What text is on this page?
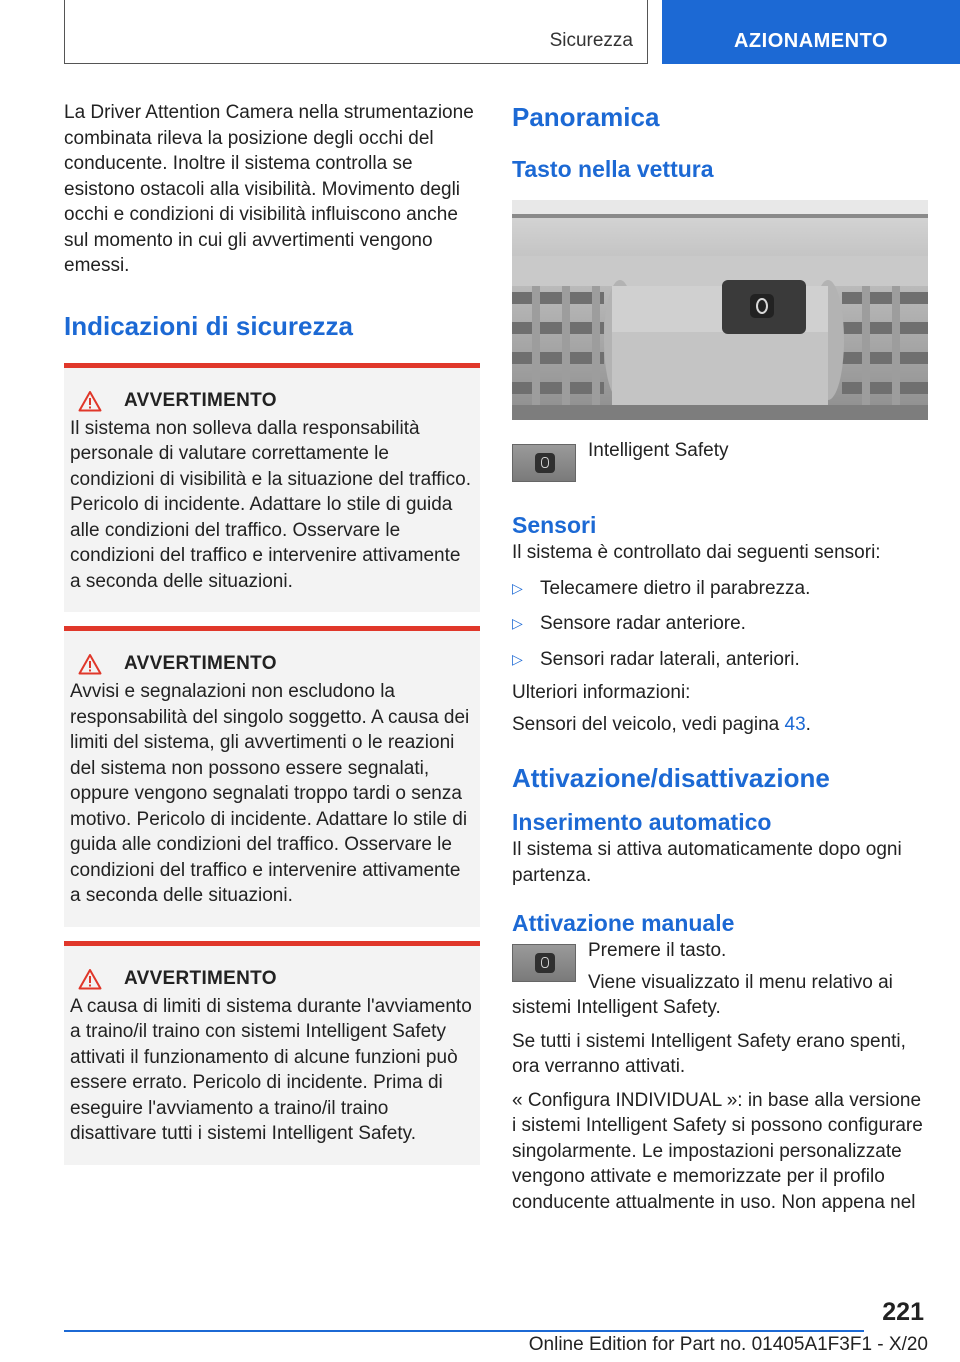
Sicurezza	AZIONAMENTO

La Driver Attention Camera nella strumentazione combinata rileva la posizione degli occhi del conducente. Inoltre il sistema controlla se esistono ostacoli alla visibilità. Movimento degli occhi e condizioni di visibilità influiscono anche sul momento in cui gli avvertimenti vengono emessi.

Indicazioni di sicurezza
AVVERTIMENTO

Il sistema non solleva dalla responsabilità personale di valutare correttamente le condizioni di visibilità e la situazione del traffico. Pericolo di incidente. Adattare lo stile di guida alle condizioni del traffico. Osservare le condizioni del traffico e intervenire attivamente a seconda delle situazioni.

AVVERTIMENTO

Avvisi e segnalazioni non escludono la responsabilità del singolo soggetto. A causa dei limiti del sistema, gli avvertimenti o le reazioni del sistema non possono essere segnalati, oppure vengono segnalati troppo tardi o senza motivo. Pericolo di incidente. Adattare lo stile di guida alle condizioni del traffico. Osservare le condizioni del traffico e intervenire attivamente a seconda delle situazioni.

AVVERTIMENTO

A causa di limiti di sistema durante l'avviamento a traino/il traino con sistemi Intelligent Safety attivati il funzionamento di alcune funzioni può essere errato. Pericolo di incidente. Prima di eseguire l'avviamento a traino/il traino disattivare tutti i sistemi Intelligent Safety.

Panoramica
Tasto nella vettura

Intelligent Safety

Sensori

Il sistema è controllato dai seguenti sensori:

▷ Telecamere dietro il parabrezza.

▷ Sensore radar anteriore.

▷ Sensori radar laterali, anteriori.

Ulteriori informazioni:

Sensori del veicolo, vedi pagina 43.

Attivazione/disattivazione
Inserimento automatico

Il sistema si attiva automaticamente dopo ogni partenza.

Attivazione manuale

Premere il tasto.

Viene visualizzato il menu relativo ai sistemi Intelligent Safety.

Se tutti i sistemi Intelligent Safety erano spenti, ora verranno attivati.

« Configura INDIVIDUAL »: in base alla versione i sistemi Intelligent Safety si possono configurare singolarmente. Le impostazioni personalizzate vengono attivate e memorizzate per il profilo conducente attualmente in uso. Non appena nel

221
Online Edition for Part no. 01405A1F3F1 - X/20
